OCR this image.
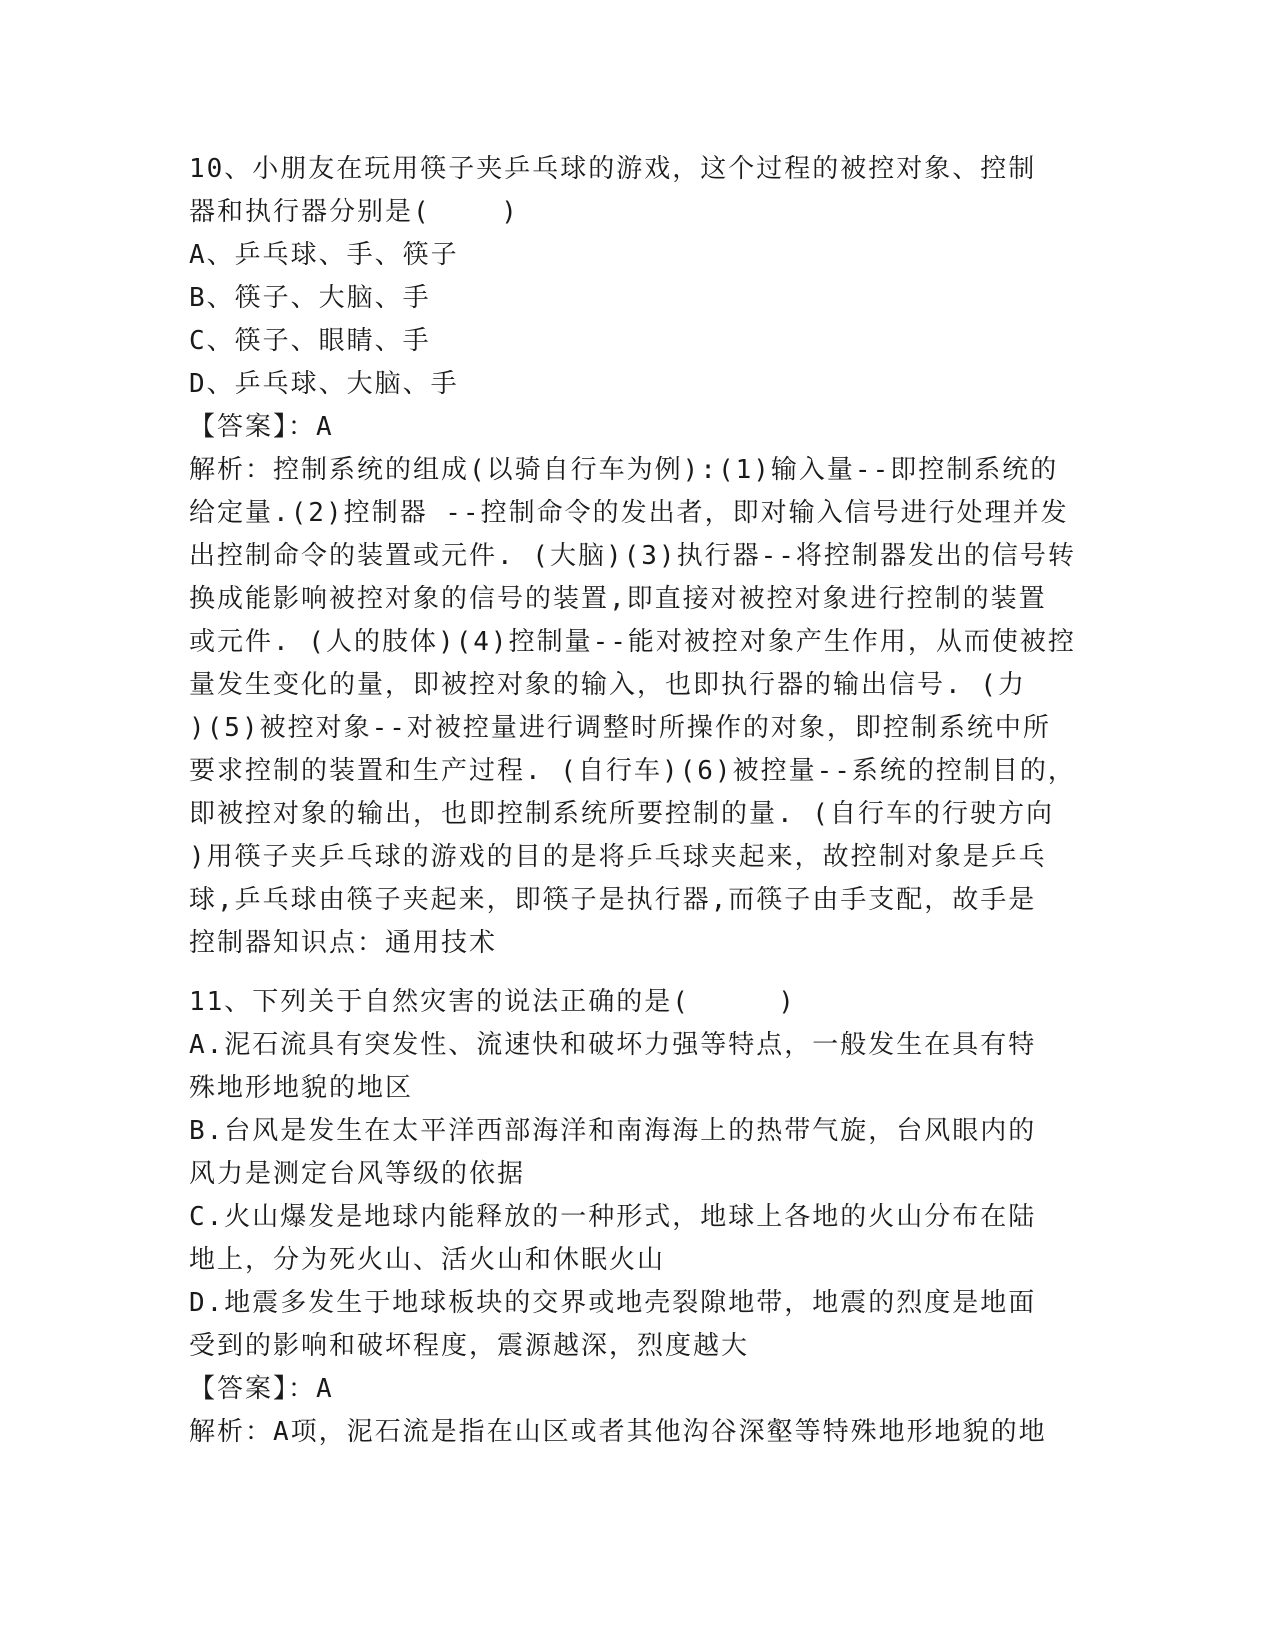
10、小朋友在玩用筷子夹乒乓球的游戏，这个过程的被控对象、控制
器和执行器分别是(    )
A、乒乓球、手、筷子
B、筷子、大脑、手
C、筷子、眼睛、手
D、乒乓球、大脑、手
【答案】：A
解析：控制系统的组成(以骑自行车为例):(1)输入量--即控制系统的
给定量.(2)控制器 --控制命令的发出者，即对输入信号进行处理并发
出控制命令的装置或元件. (大脑)(3)执行器--将控制器发出的信号转
换成能影响被控对象的信号的装置,即直接对被控对象进行控制的装置
或元件. (人的肢体)(4)控制量--能对被控对象产生作用，从而使被控
量发生变化的量，即被控对象的输入，也即执行器的输出信号. (力
)(5)被控对象--对被控量进行调整时所操作的对象，即控制系统中所
要求控制的装置和生产过程. (自行车)(6)被控量--系统的控制目的，
即被控对象的输出，也即控制系统所要控制的量. (自行车的行驶方向
)用筷子夹乒乓球的游戏的目的是将乒乓球夹起来，故控制对象是乒乓
球,乒乓球由筷子夹起来，即筷子是执行器,而筷子由手支配，故手是
控制器知识点：通用技术
11、下列关于自然灾害的说法正确的是(     )
A.泥石流具有突发性、流速快和破坏力强等特点，一般发生在具有特
殊地形地貌的地区
B.台风是发生在太平洋西部海洋和南海海上的热带气旋，台风眼内的
风力是测定台风等级的依据
C.火山爆发是地球内能释放的一种形式，地球上各地的火山分布在陆
地上，分为死火山、活火山和休眠火山
D.地震多发生于地球板块的交界或地壳裂隙地带，地震的烈度是地面
受到的影响和破坏程度，震源越深，烈度越大
【答案】：A
解析：A项，泥石流是指在山区或者其他沟谷深壑等特殊地形地貌的地
